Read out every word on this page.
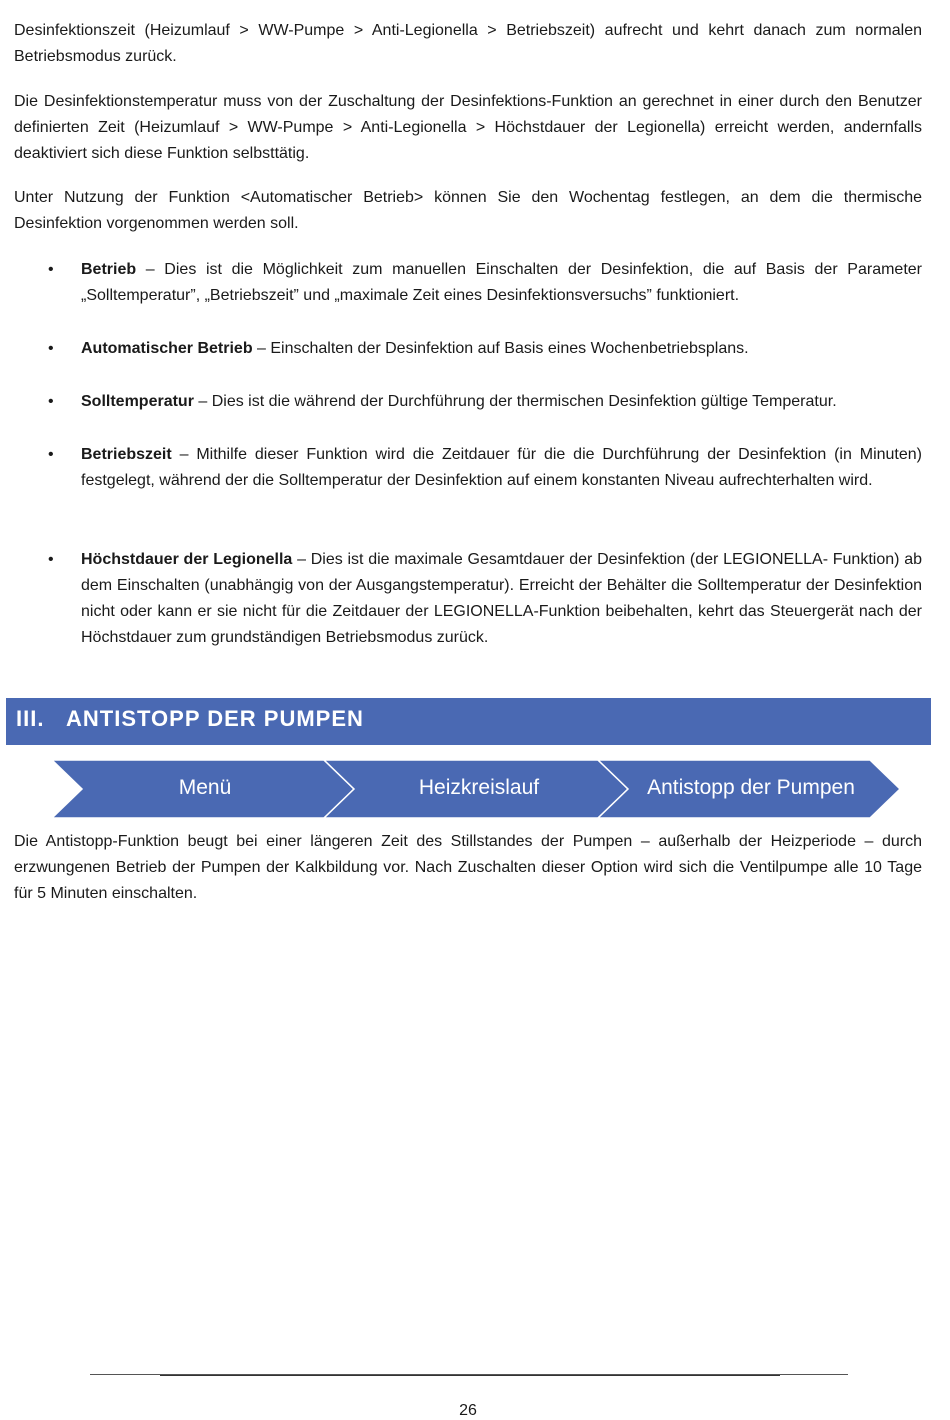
Desinfektionszeit (Heizumlauf > WW-Pumpe > Anti-Legionella > Betriebszeit) aufrecht und kehrt danach zum normalen Betriebsmodus zurück.

Die Desinfektionstemperatur muss von der Zuschaltung der Desinfektions-Funktion an gerechnet in einer durch den Benutzer definierten Zeit (Heizumlauf > WW-Pumpe > Anti-Legionella > Höchstdauer der Legionella) erreicht werden, andernfalls deaktiviert sich diese Funktion selbsttätig.

Unter Nutzung der Funktion <Automatischer Betrieb> können Sie den Wochentag festlegen, an dem die thermische Desinfektion vorgenommen werden soll.

• Betrieb – Dies ist die Möglichkeit zum manuellen Einschalten der Desinfektion, die auf Basis der Parameter „Solltemperatur”, „Betriebszeit” und „maximale Zeit eines Desinfektionsversuchs” funktioniert.

• Automatischer Betrieb – Einschalten der Desinfektion auf Basis eines Wochenbetriebsplans.

• Solltemperatur – Dies ist die während der Durchführung der thermischen Desinfektion gültige Temperatur.

• Betriebszeit – Mithilfe dieser Funktion wird die Zeitdauer für die die Durchführung der Desinfektion (in Minuten) festgelegt, während der die Solltemperatur der Desinfektion auf einem konstanten Niveau aufrechterhalten wird.

• Höchstdauer der Legionella – Dies ist die maximale Gesamtdauer der Desinfektion (der LEGIONELLA- Funktion) ab dem Einschalten (unabhängig von der Ausgangstemperatur). Erreicht der Behälter die Solltemperatur der Desinfektion nicht oder kann er sie nicht für die Zeitdauer der LEGIONELLA-Funktion beibehalten, kehrt das Steuergerät nach der Höchstdauer zum grundständigen Betriebsmodus zurück.

III. ANTISTOPP DER PUMPEN
Menü	Heizkreislauf	Antistopp der Pumpen

Die Antistopp-Funktion beugt bei einer längeren Zeit des Stillstandes der Pumpen – außerhalb der Heizperiode – durch erzwungenen Betrieb der Pumpen der Kalkbildung vor. Nach Zuschalten dieser Option wird sich die Ventilpumpe alle 10 Tage für 5 Minuten einschalten.

26
